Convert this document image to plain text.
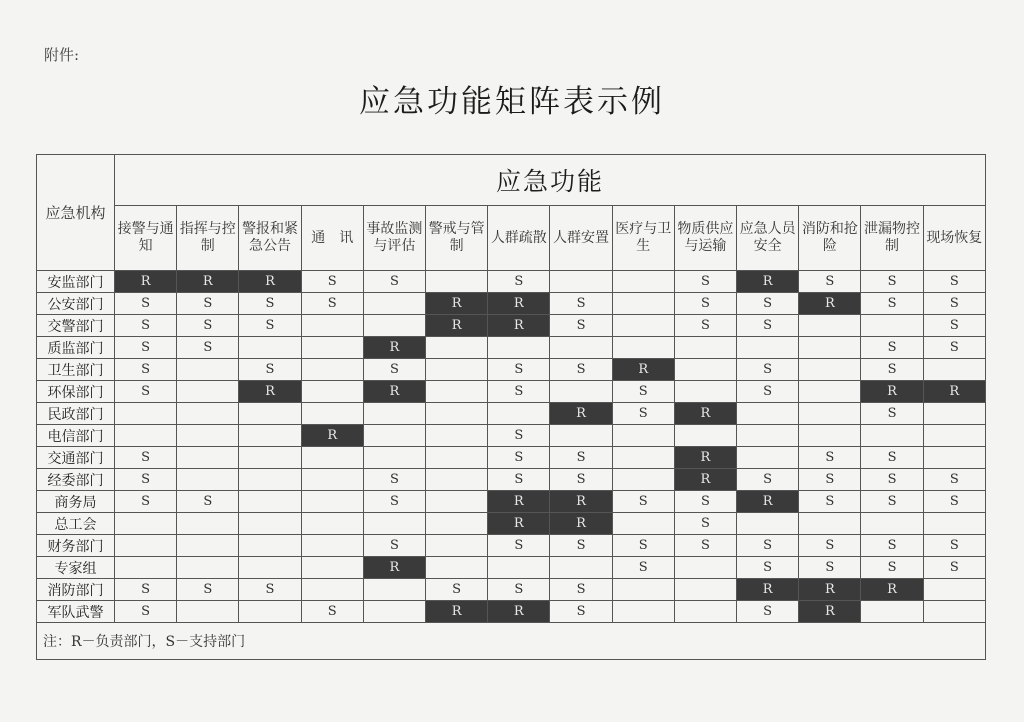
附件:
应急功能矩阵表示例
应急机构	应急功能													
	接警与通知	指挥与控制	警报和紧急公告	通　讯	事故监测与评估	警戒与管制	人群疏散	人群安置	医疗与卫生	物质供应与运输	应急人员安全	消防和抢险	泄漏物控制	现场恢复
安监部门	R	R	R	S	S		S			S	R	S	S	S
公安部门	S	S	S	S		R	R	S		S	S	R	S	S
交警部门	S	S	S			R	R	S		S	S			S
质监部门	S	S			R								S	S
卫生部门	S		S		S		S	S	R		S		S	
环保部门	S		R		R		S		S		S		R	R
民政部门								R	S	R			S	
电信部门				R			S							
交通部门	S						S	S		R		S	S	
经委部门	S				S		S	S		R	S	S	S	S
商务局	S	S			S		R	R	S	S	R	S	S	S
总工会							R	R		S				
财务部门					S		S	S	S	S	S	S	S	S
专家组					R				S		S	S	S	S
消防部门	S	S	S			S	S	S			R	R	R	
军队武警	S			S		R	R	S			S	R		
注：R－负责部门，S－支持部门														
